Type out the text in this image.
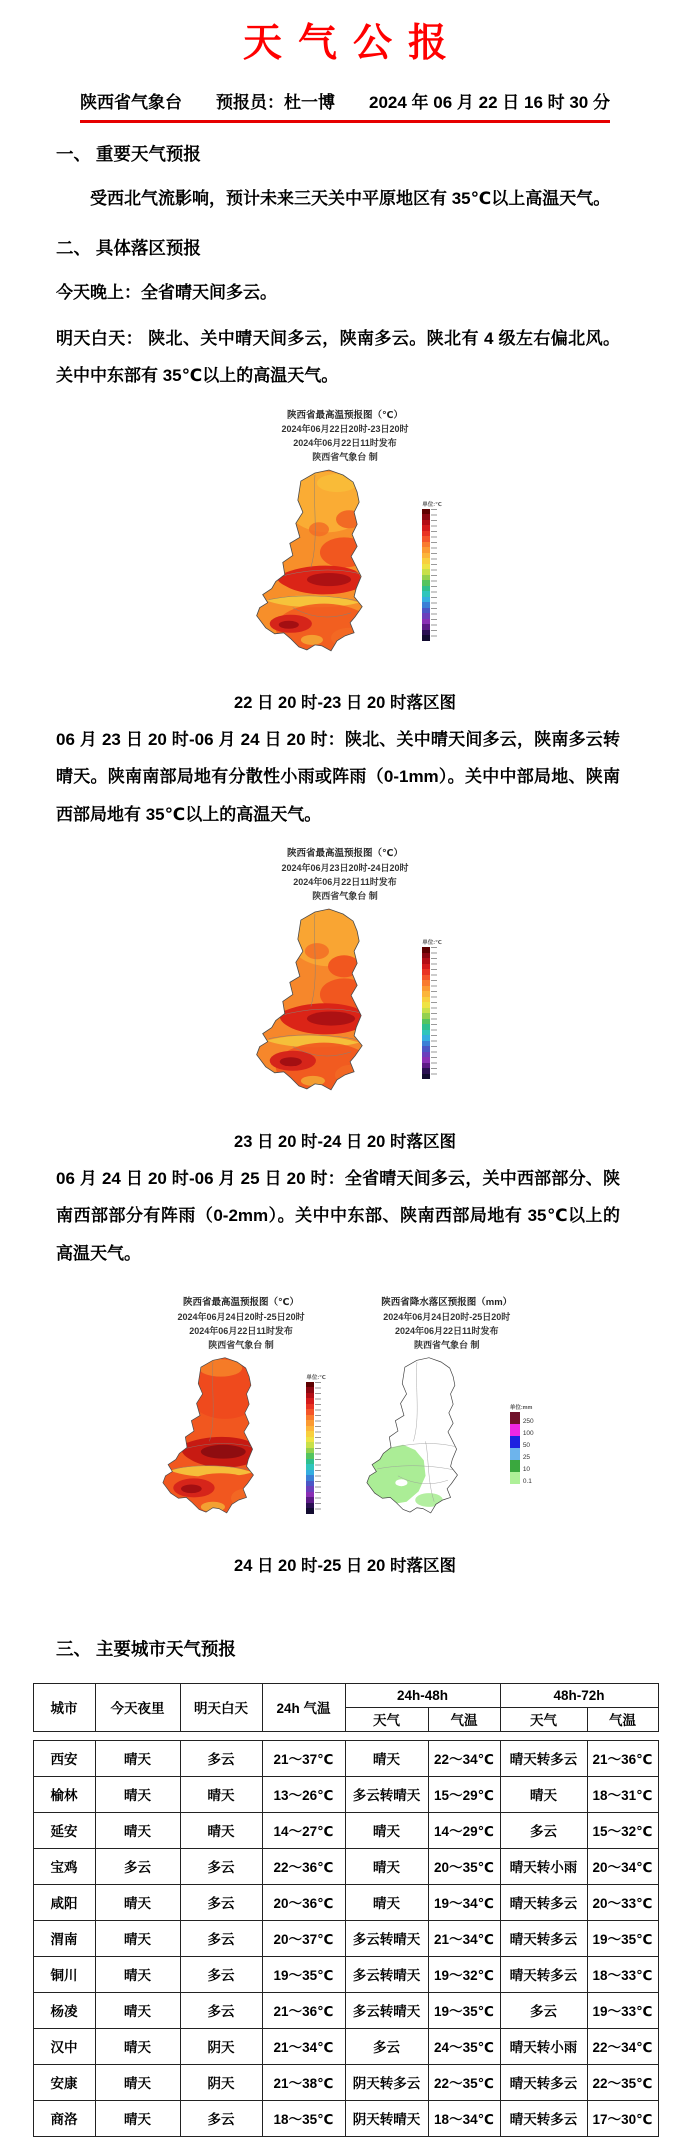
天气公报
陕西省气象台　　预报员：杜一博　　2024 年 06 月 22 日 16 时 30 分
一、 重要天气预报

受西北气流影响，预计未来三天关中平原地区有 35℃以上高温天气。

二、 具体落区预报

今天晚上：全省晴天间多云。

明天白天： 陕北、关中晴天间多云，陕南多云。陕北有 4 级左右偏北风。关中中东部有 35℃以上的高温天气。

陕西省最高温预报图（℃）
2024年06月22日20时-23日20时
2024年06月22日11时发布
陕西省气象台 制
单位:℃
22 日 20 时-23 日 20 时落区图

06 月 23 日 20 时-06 月 24 日 20 时：陕北、关中晴天间多云，陕南多云转晴天。陕南南部局地有分散性小雨或阵雨（0-1mm）。关中中部局地、陕南西部局地有 35℃以上的高温天气。

陕西省最高温预报图（℃）
2024年06月23日20时-24日20时
2024年06月22日11时发布
陕西省气象台 制
单位:℃
23 日 20 时-24 日 20 时落区图

06 月 24 日 20 时-06 月 25 日 20 时：全省晴天间多云，关中西部部分、陕南西部部分有阵雨（0-2mm）。关中中东部、陕南西部局地有 35℃以上的高温天气。

陕西省最高温预报图（℃）
2024年06月24日20时-25日20时
2024年06月22日11时发布
陕西省气象台 制
单位:℃
陕西省降水落区预报图（mm）
2024年06月24日20时-25日20时
2024年06月22日11时发布
陕西省气象台 制
单位:mm
250
100
50
25
10
0.1
24 日 20 时-25 日 20 时落区图
三、 主要城市天气预报
城市	今天夜里	明天白天	24h 气温	24h-48h		48h-72h	
				天气	气温	天气	气温
西安	晴天	多云	21～37℃	晴天	22～34℃	晴天转多云	21～36℃
榆林	晴天	晴天	13～26℃	多云转晴天	15～29℃	晴天	18～31℃
延安	晴天	晴天	14～27℃	晴天	14～29℃	多云	15～32℃
宝鸡	多云	多云	22～36℃	晴天	20～35℃	晴天转小雨	20～34℃
咸阳	晴天	多云	20～36℃	晴天	19～34℃	晴天转多云	20～33℃
渭南	晴天	多云	20～37℃	多云转晴天	21～34℃	晴天转多云	19～35℃
铜川	晴天	多云	19～35℃	多云转晴天	19～32℃	晴天转多云	18～33℃
杨凌	晴天	多云	21～36℃	多云转晴天	19～35℃	多云	19～33℃
汉中	晴天	阴天	21～34℃	多云	24～35℃	晴天转小雨	22～34℃
安康	晴天	阴天	21～38℃	阴天转多云	22～35℃	晴天转多云	22～35℃
商洛	晴天	多云	18～35℃	阴天转晴天	18～34℃	晴天转多云	17～30℃
